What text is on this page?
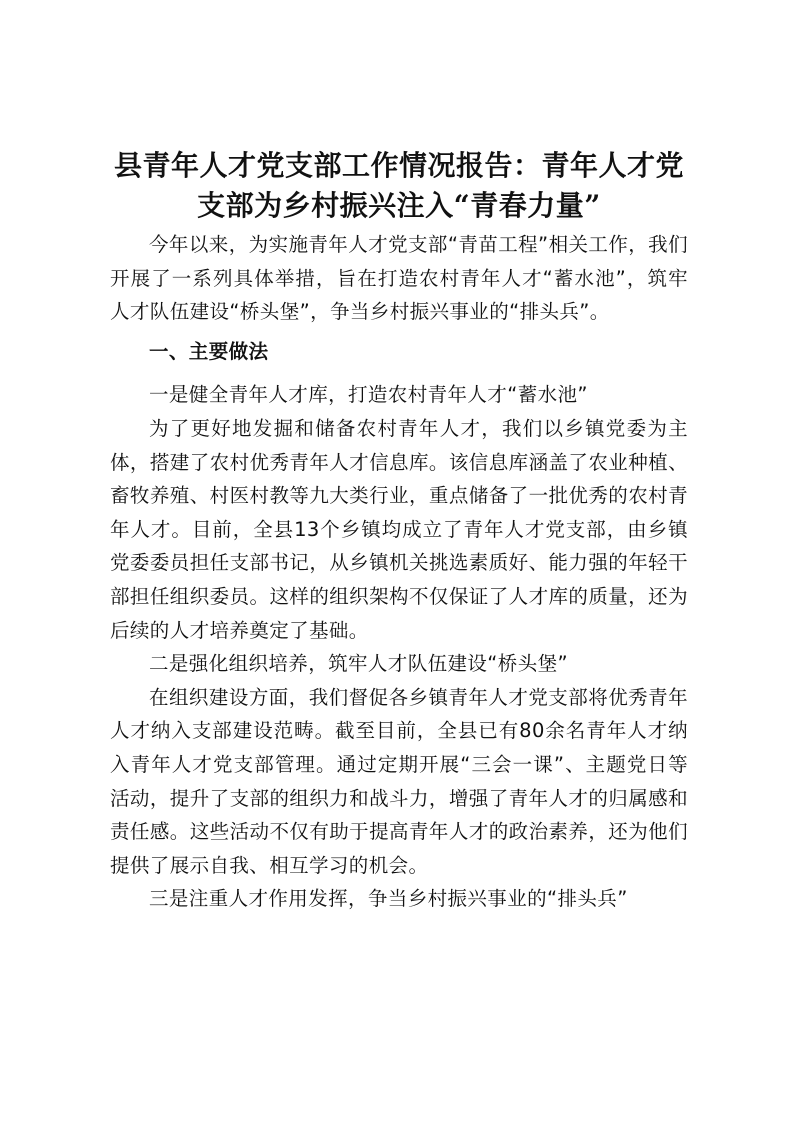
县青年人才党支部工作情况报告：青年人才党
支部为乡村振兴注入“青春力量”

今年以来，为实施青年人才党支部“青苗工程”相关工作，我们开展了一系列具体举措，旨在打造农村青年人才“蓄水池”，筑牢人才队伍建设“桥头堡”，争当乡村振兴事业的“排头兵”。

一、主要做法

一是健全青年人才库，打造农村青年人才“蓄水池”

为了更好地发掘和储备农村青年人才，我们以乡镇党委为主体，搭建了农村优秀青年人才信息库。该信息库涵盖了农业种植、畜牧养殖、村医村教等九大类行业，重点储备了一批优秀的农村青年人才。目前，全县13个乡镇均成立了青年人才党支部，由乡镇党委委员担任支部书记，从乡镇机关挑选素质好、能力强的年轻干部担任组织委员。这样的组织架构不仅保证了人才库的质量，还为后续的人才培养奠定了基础。

二是强化组织培养，筑牢人才队伍建设“桥头堡”

在组织建设方面，我们督促各乡镇青年人才党支部将优秀青年人才纳入支部建设范畴。截至目前，全县已有80余名青年人才纳入青年人才党支部管理。通过定期开展“三会一课”、主题党日等活动，提升了支部的组织力和战斗力，增强了青年人才的归属感和责任感。这些活动不仅有助于提高青年人才的政治素养，还为他们提供了展示自我、相互学习的机会。

三是注重人才作用发挥，争当乡村振兴事业的“排头兵”
